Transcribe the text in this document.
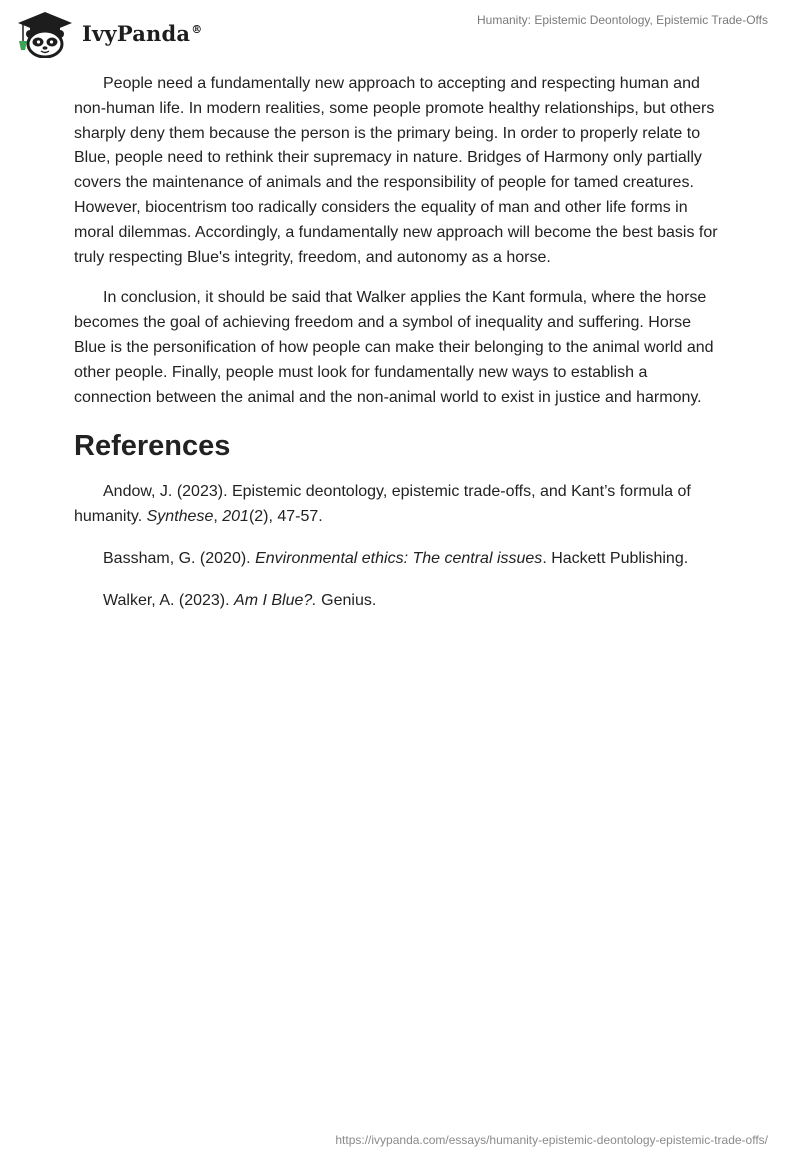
IvyPanda®
Humanity: Epistemic Deontology, Epistemic Trade-Offs

People need a fundamentally new approach to accepting and respecting human and non-human life. In modern realities, some people promote healthy relationships, but others sharply deny them because the person is the primary being. In order to properly relate to Blue, people need to rethink their supremacy in nature. Bridges of Harmony only partially covers the maintenance of animals and the responsibility of people for tamed creatures. However, biocentrism too radically considers the equality of man and other life forms in moral dilemmas. Accordingly, a fundamentally new approach will become the best basis for truly respecting Blue's integrity, freedom, and autonomy as a horse.

In conclusion, it should be said that Walker applies the Kant formula, where the horse becomes the goal of achieving freedom and a symbol of inequality and suffering. Horse Blue is the personification of how people can make their belonging to the animal world and other people. Finally, people must look for fundamentally new ways to establish a connection between the animal and the non-animal world to exist in justice and harmony.

References

Andow, J. (2023). Epistemic deontology, epistemic trade-offs, and Kant’s formula of humanity. Synthese, 201(2), 47-57.

Bassham, G. (2020). Environmental ethics: The central issues. Hackett Publishing.

Walker, A. (2023). Am I Blue?. Genius.

https://ivypanda.com/essays/humanity-epistemic-deontology-epistemic-trade-offs/
